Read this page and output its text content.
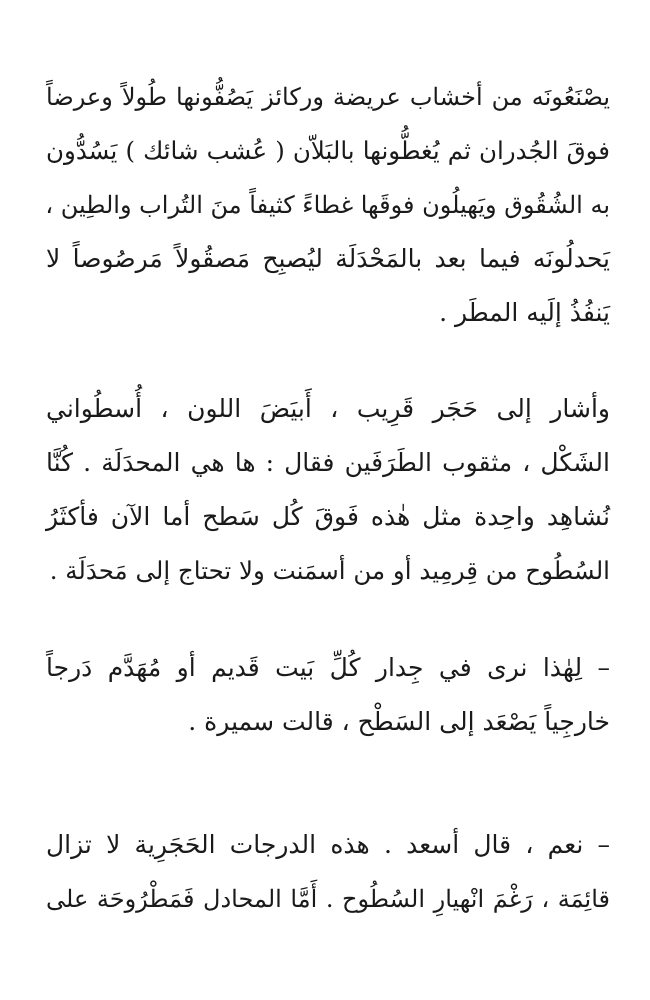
يصْنَعُونَه من أخشاب عريضة وركائز يَصُفُّونها طُولاً وعرضاً
فوقَ الجُدران ثم يُغطُّونها بالبَلاّن ( عُشب شائك ) يَسُدُّون
به الشُقُوق ويَهيلُون فوقَها غطاءً كثيفاً منَ التُراب والطِين ،
يَحدلُونَه فيما بعد بالمَحْدَلَة ليُصبِح مَصقُولاً مَرصُوصاً لا
يَنفُذُ إلَيه المطَر .
وأشار إلى حَجَر قَرِيب ، أَبيَضَ اللون ، أُسطُواني
الشَكْل ، مثقوب الطَرَفَين فقال : ها هي المحدَلَة . كُنَّا
نُشاهِد واحِدة مثل هٰذه فَوقَ كُل سَطح أما الآن فأكثَرُ
السُطُوح من قِرمِيد أو من أسمَنت ولا تحتاج إلى مَحدَلَة .
– لِهٰذا نرى في جِدار كُلِّ بَيت قَديم أو مُهَدَّم دَرجاً
خارجِياً يَصْعَد إلى السَطْح ، قالت سميرة .
– نعم ، قال أسعد . هذه الدرجات الحَجَرِية لا تزال
قائِمَة ، رَغْمَ انْهيارِ السُطُوح . أَمَّا المحادل فَمَطْرُوحَة على
